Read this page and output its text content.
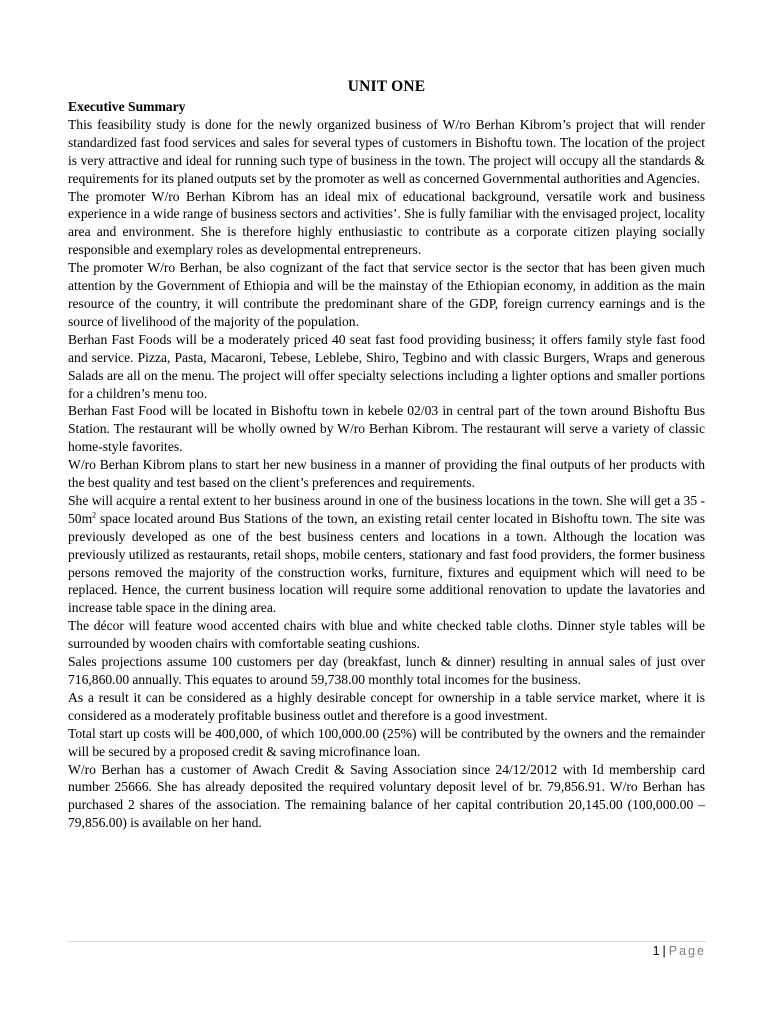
UNIT ONE
Executive Summary

This feasibility study is done for the newly organized business of W/ro Berhan Kibrom’s project that will render standardized fast food services and sales for several types of customers in Bishoftu town. The location of the project is very attractive and ideal for running such type of business in the town. The project will occupy all the standards & requirements for its planed outputs set by the promoter as well as concerned Governmental authorities and Agencies.

The promoter W/ro Berhan Kibrom has an ideal mix of educational background, versatile work and business experience in a wide range of business sectors and activities’. She is fully familiar with the envisaged project, locality area and environment. She is therefore highly enthusiastic to contribute as a corporate citizen playing socially responsible and exemplary roles as developmental entrepreneurs.

The promoter W/ro Berhan, be also cognizant of the fact that service sector is the sector that has been given much attention by the Government of Ethiopia and will be the mainstay of the Ethiopian economy, in addition as the main resource of the country, it will contribute the predominant share of the GDP, foreign currency earnings and is the source of livelihood of the majority of the population.

Berhan Fast Foods will be a moderately priced 40 seat fast food providing business; it offers family style fast food and service. Pizza, Pasta, Macaroni, Tebese, Leblebe, Shiro, Tegbino and with classic Burgers, Wraps and generous Salads are all on the menu. The project will offer specialty selections including a lighter options and smaller portions for a children’s menu too.

Berhan Fast Food will be located in Bishoftu town in kebele 02/03 in central part of the town around Bishoftu Bus Station. The restaurant will be wholly owned by W/ro Berhan Kibrom. The restaurant will serve a variety of classic home-style favorites.

W/ro Berhan Kibrom plans to start her new business in a manner of providing the final outputs of her products with the best quality and test based on the client’s preferences and requirements.

She will acquire a rental extent to her business around in one of the business locations in the town. She will get a $35 - 50m^2$ space located around Bus Stations of the town, an existing retail center located in Bishoftu town. The site was previously developed as one of the best business centers and locations in a town. Although the location was previously utilized as restaurants, retail shops, mobile centers, stationary and fast food providers, the former business persons removed the majority of the construction works, furniture, fixtures and equipment which will need to be replaced. Hence, the current business location will require some additional renovation to update the lavatories and increase table space in the dining area.

The décor will feature wood accented chairs with blue and white checked table cloths. Dinner style tables will be surrounded by wooden chairs with comfortable seating cushions.

Sales projections assume 100 customers per day (breakfast, lunch & dinner) resulting in annual sales of just over 716,860.00 annually. This equates to around 59,738.00 monthly total incomes for the business.

As a result it can be considered as a highly desirable concept for ownership in a table service market, where it is considered as a moderately profitable business outlet and therefore is a good investment.

Total start up costs will be 400,000, of which 100,000.00 (25%) will be contributed by the owners and the remainder will be secured by a proposed credit & saving microfinance loan.

W/ro Berhan has a customer of Awach Credit & Saving Association since 24/12/2012 with Id membership card number 25666. She has already deposited the required voluntary deposit level of br. 79,856.91. W/ro Berhan has purchased 2 shares of the association. The remaining balance of her capital contribution 20,145.00 (100,000.00 – 79,856.00) is available on her hand.

1 | Page
